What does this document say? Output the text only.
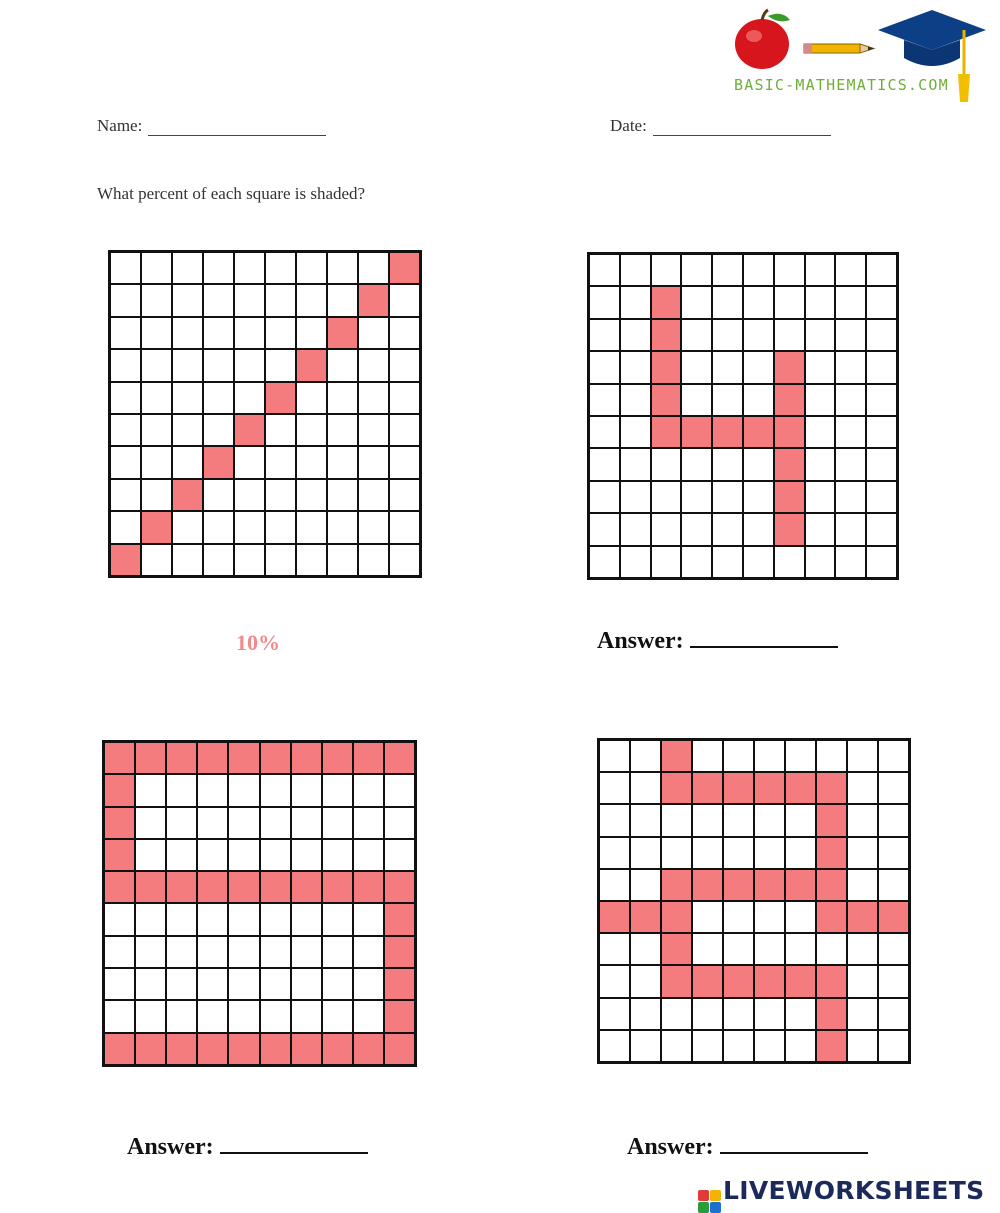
BASIC-MATHEMATICS.COM
Name:	Date:
What percent of each square is shaded?
10%	Answer:
Answer:	Answer:
LIVEWORKSHEETS
